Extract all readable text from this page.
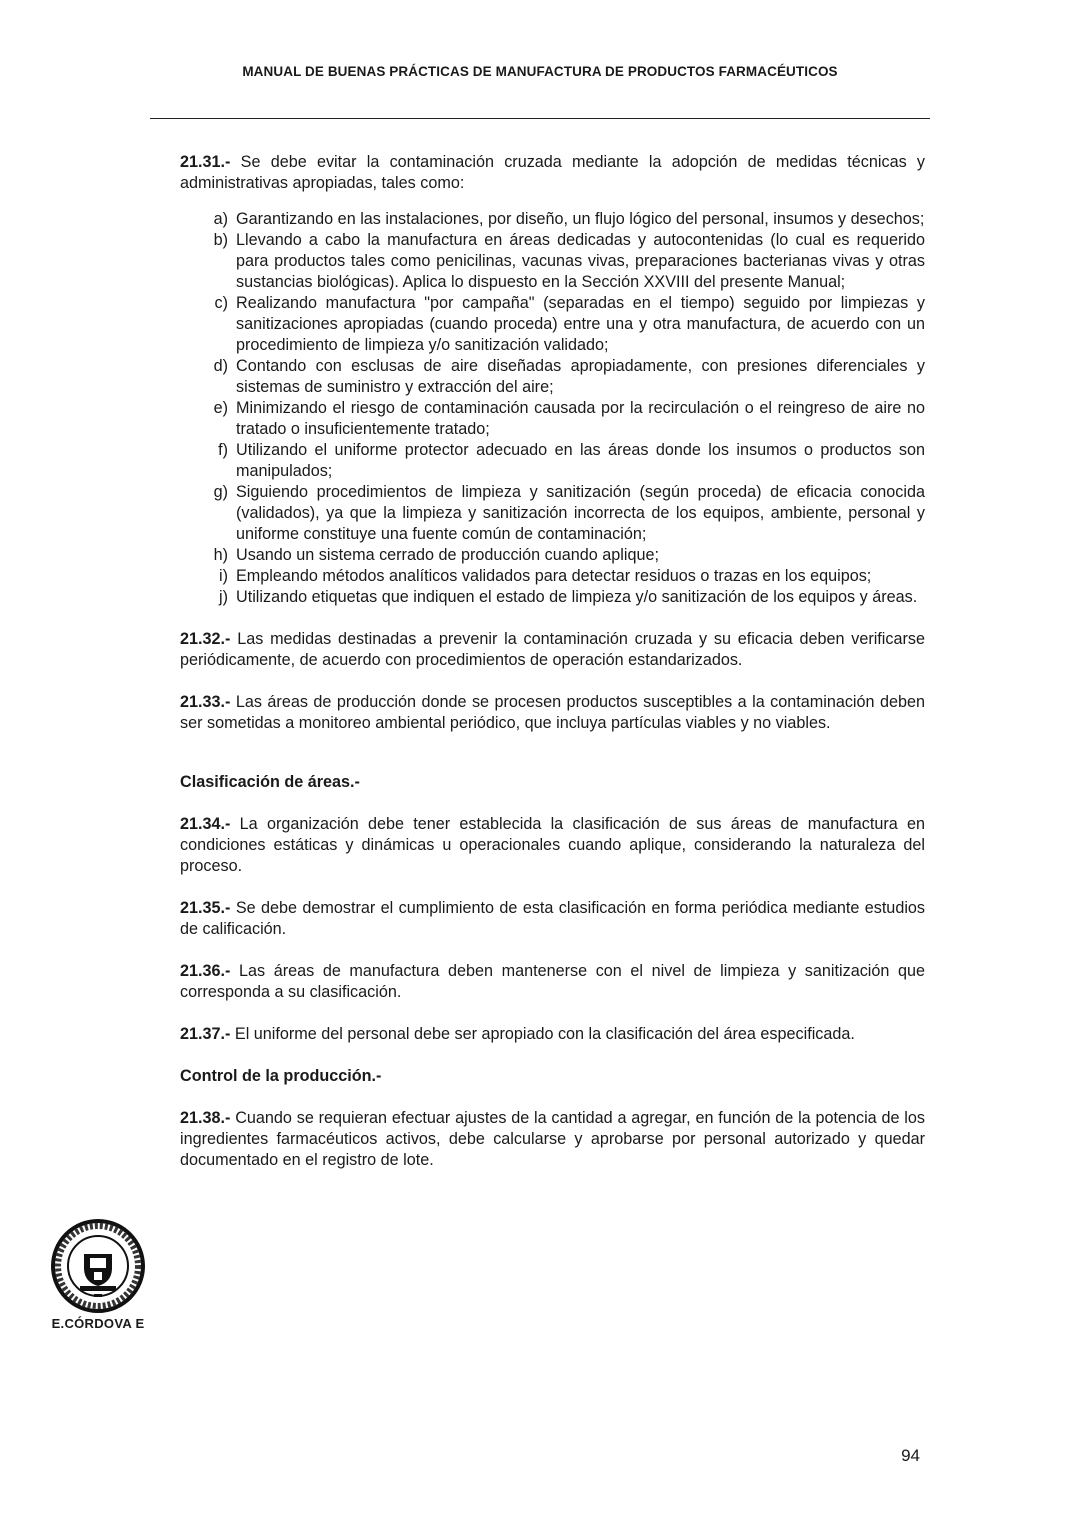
MANUAL DE BUENAS PRÁCTICAS DE MANUFACTURA DE PRODUCTOS FARMACÉUTICOS

21.31.- Se debe evitar la contaminación cruzada mediante la adopción de medidas técnicas y administrativas apropiadas, tales como:

a) Garantizando en las instalaciones, por diseño, un flujo lógico del personal, insumos y desechos;
b) Llevando a cabo la manufactura en áreas dedicadas y autocontenidas (lo cual es requerido para productos tales como penicilinas, vacunas vivas, preparaciones bacterianas vivas y otras sustancias biológicas). Aplica lo dispuesto en la Sección XXVIII del presente Manual;
c) Realizando manufactura "por campaña" (separadas en el tiempo) seguido por limpiezas y sanitizaciones apropiadas (cuando proceda) entre una y otra manufactura, de acuerdo con un procedimiento de limpieza y/o sanitización validado;
d) Contando con esclusas de aire diseñadas apropiadamente, con presiones diferenciales y sistemas de suministro y extracción del aire;
e) Minimizando el riesgo de contaminación causada por la recirculación o el reingreso de aire no tratado o insuficientemente tratado;
f) Utilizando el uniforme protector adecuado en las áreas donde los insumos o productos son manipulados;
g) Siguiendo procedimientos de limpieza y sanitización (según proceda) de eficacia conocida (validados), ya que la limpieza y sanitización incorrecta de los equipos, ambiente, personal y uniforme constituye una fuente común de contaminación;
h) Usando un sistema cerrado de producción cuando aplique;
i) Empleando métodos analíticos validados para detectar residuos o trazas en los equipos;
j) Utilizando etiquetas que indiquen el estado de limpieza y/o sanitización de los equipos y áreas.

21.32.- Las medidas destinadas a prevenir la contaminación cruzada y su eficacia deben verificarse periódicamente, de acuerdo con procedimientos de operación estandarizados.

21.33.- Las áreas de producción donde se procesen productos susceptibles a la contaminación deben ser sometidas a monitoreo ambiental periódico, que incluya partículas viables y no viables.

Clasificación de áreas.-

21.34.- La organización debe tener establecida la clasificación de sus áreas de manufactura en condiciones estáticas y dinámicas u operacionales cuando aplique, considerando la naturaleza del proceso.

21.35.- Se debe demostrar el cumplimiento de esta clasificación en forma periódica mediante estudios de calificación.

21.36.- Las áreas de manufactura deben mantenerse con el nivel de limpieza y sanitización que corresponda a su clasificación.

21.37.- El uniforme del personal debe ser apropiado con la clasificación del área especificada.

Control de la producción.-

21.38.- Cuando se requieran efectuar ajustes de la cantidad a agregar, en función de la potencia de los ingredientes farmacéuticos activos, debe calcularse y aprobarse por personal autorizado y quedar documentado en el registro de lote.

E.CÓRDOVA E
94
